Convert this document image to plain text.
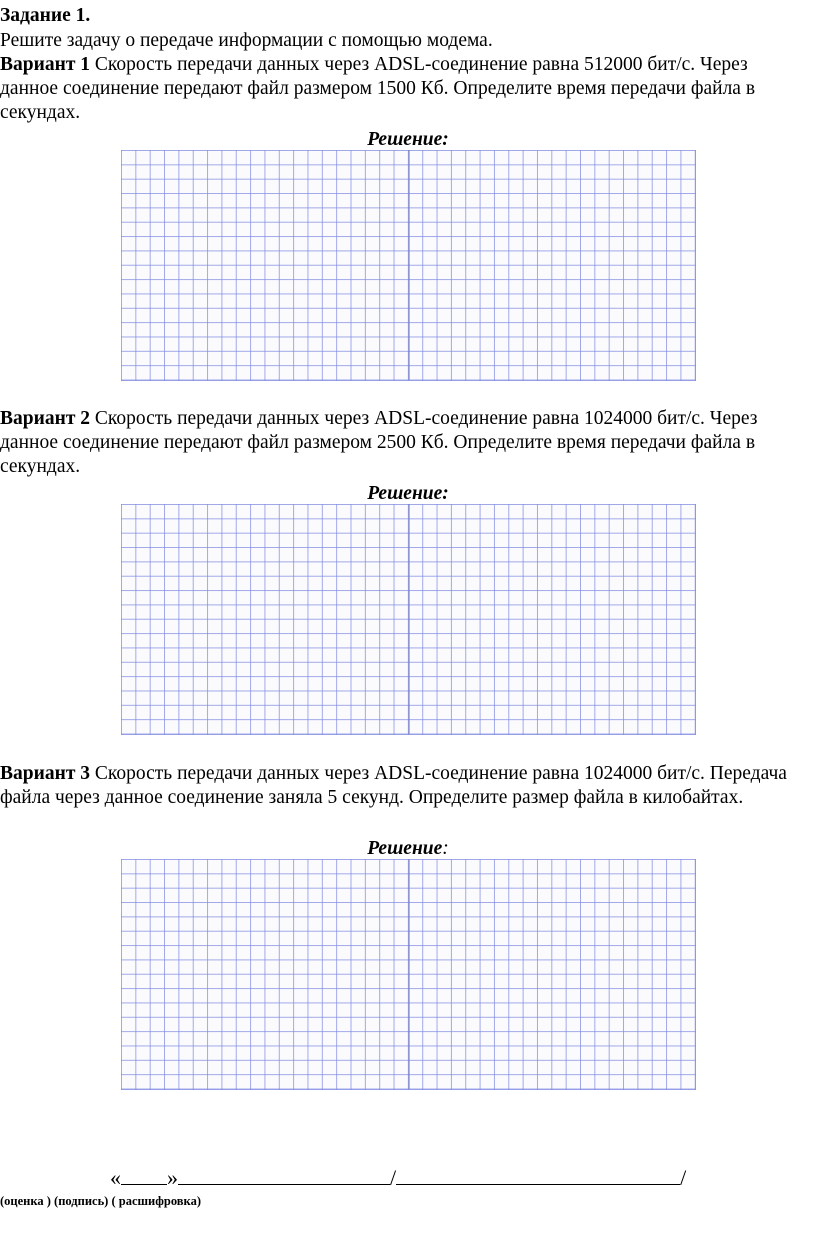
Задание 1.
Решите задачу о передаче информации с помощью модема.
Вариант 1 Скорость передачи данных через ADSL-соединение равна 512000 бит/с. Через данное соединение передают файл размером 1500 Кб. Определите время передачи файла в секундах.
Решение:
Вариант 2 Скорость передачи данных через ADSL-соединение равна 1024000 бит/с. Через данное соединение передают файл размером 2500 Кб. Определите время передачи файла в секундах.
Решение:
Вариант 3 Скорость передачи данных через ADSL-соединение равна 1024000 бит/с. Передача файла через данное соединение заняла 5 секунд. Определите размер файла в килобайтах.
Решение:
« »	/	/
(оценка ) (подпись) ( расшифровка)
